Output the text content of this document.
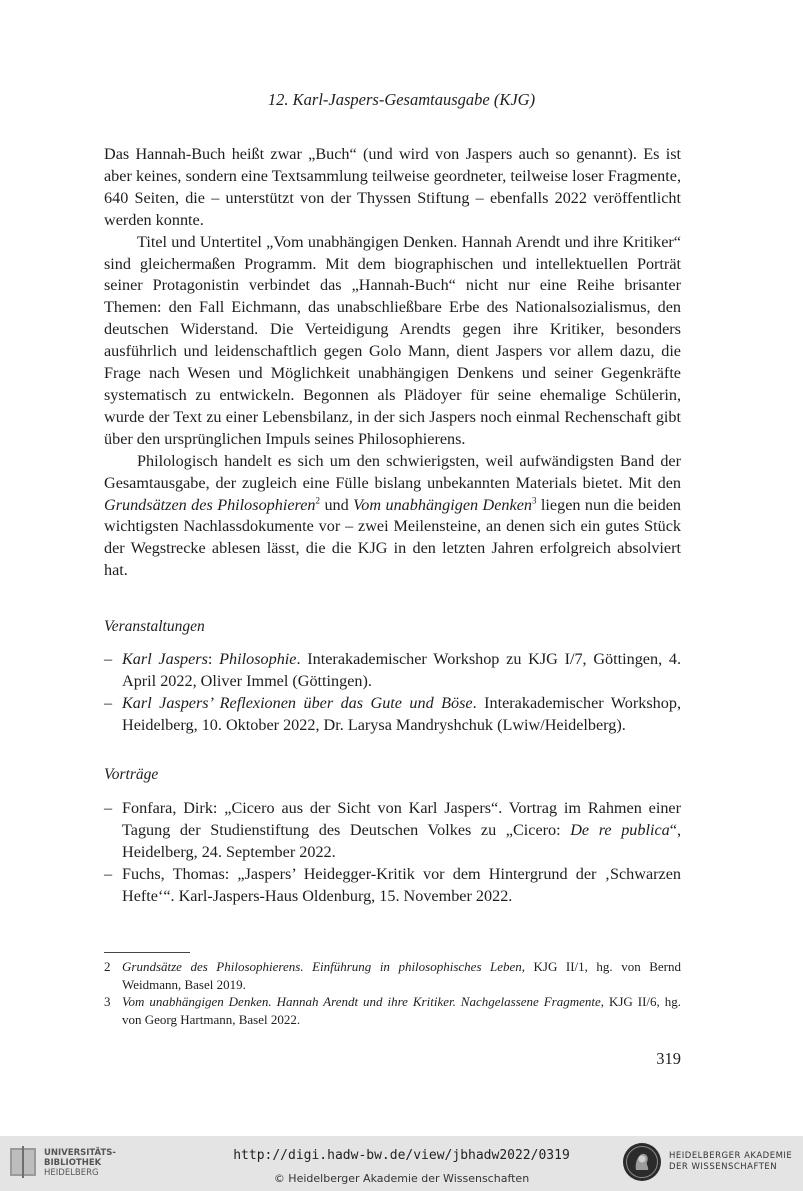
12. Karl-Jaspers-Gesamtausgabe (KJG)

Das Hannah-Buch heißt zwar „Buch“ (und wird von Jaspers auch so genannt). Es ist aber keines, sondern eine Textsammlung teilweise geordneter, teilweise loser Fragmente, 640 Seiten, die – unterstützt von der Thyssen Stiftung – ebenfalls 2022 veröffentlicht werden konnte.

Titel und Untertitel „Vom unabhängigen Denken. Hannah Arendt und ihre Kritiker“ sind gleichermaßen Programm. Mit dem biographischen und intellektuellen Porträt seiner Protagonistin verbindet das „Hannah-Buch“ nicht nur eine Reihe brisanter Themen: den Fall Eichmann, das unabschließbare Erbe des Nationalsozialismus, den deutschen Widerstand. Die Verteidigung Arendts gegen ihre Kritiker, besonders ausführlich und leidenschaftlich gegen Golo Mann, dient Jaspers vor allem dazu, die Frage nach Wesen und Möglichkeit unabhängigen Denkens und seiner Gegenkräfte systematisch zu entwickeln. Begonnen als Plädoyer für seine ehemalige Schülerin, wurde der Text zu einer Lebensbilanz, in der sich Jaspers noch einmal Rechenschaft gibt über den ursprünglichen Impuls seines Philosophierens.

Philologisch handelt es sich um den schwierigsten, weil aufwändigsten Band der Gesamtausgabe, der zugleich eine Fülle bislang unbekannten Materials bietet. Mit den Grundsätzen des Philosophieren$^2$ und Vom unabhängigen Denken$^3$ liegen nun die beiden wichtigsten Nachlassdokumente vor – zwei Meilensteine, an denen sich ein gutes Stück der Wegstrecke ablesen lässt, die die KJG in den letzten Jahren erfolgreich absolviert hat.

Veranstaltungen
– Karl Jaspers: Philosophie. Interakademischer Workshop zu KJG I/7, Göttingen, 4. April 2022, Oliver Immel (Göttingen).
– Karl Jaspers’ Reflexionen über das Gute und Böse. Interakademischer Workshop, Heidelberg, 10. Oktober 2022, Dr. Larysa Mandryshchuk (Lwiw/Heidelberg).
Vorträge
– Fonfara, Dirk: „Cicero aus der Sicht von Karl Jaspers“. Vortrag im Rahmen einer Tagung der Studienstiftung des Deutschen Volkes zu „Cicero: De re publica“, Heidelberg, 24. September 2022.
– Fuchs, Thomas: „Jaspers’ Heidegger-Kritik vor dem Hintergrund der ‚Schwarzen Hefte‘“. Karl-Jaspers-Haus Oldenburg, 15. November 2022.
2 Grundsätze des Philosophierens. Einführung in philosophisches Leben, KJG II/1, hg. von Bernd Weidmann, Basel 2019.
3 Vom unabhängigen Denken. Hannah Arendt und ihre Kritiker. Nachgelassene Fragmente, KJG II/6, hg. von Georg Hartmann, Basel 2022.
319
UNIVERSITÄTS-
BIBLIOTHEK
HEIDELBERG
http://digi.hadw-bw.de/view/jbhadw2022/0319
© Heidelberger Akademie der Wissenschaften
HEIDELBERGER AKADEMIE
DER WISSENSCHAFTEN
